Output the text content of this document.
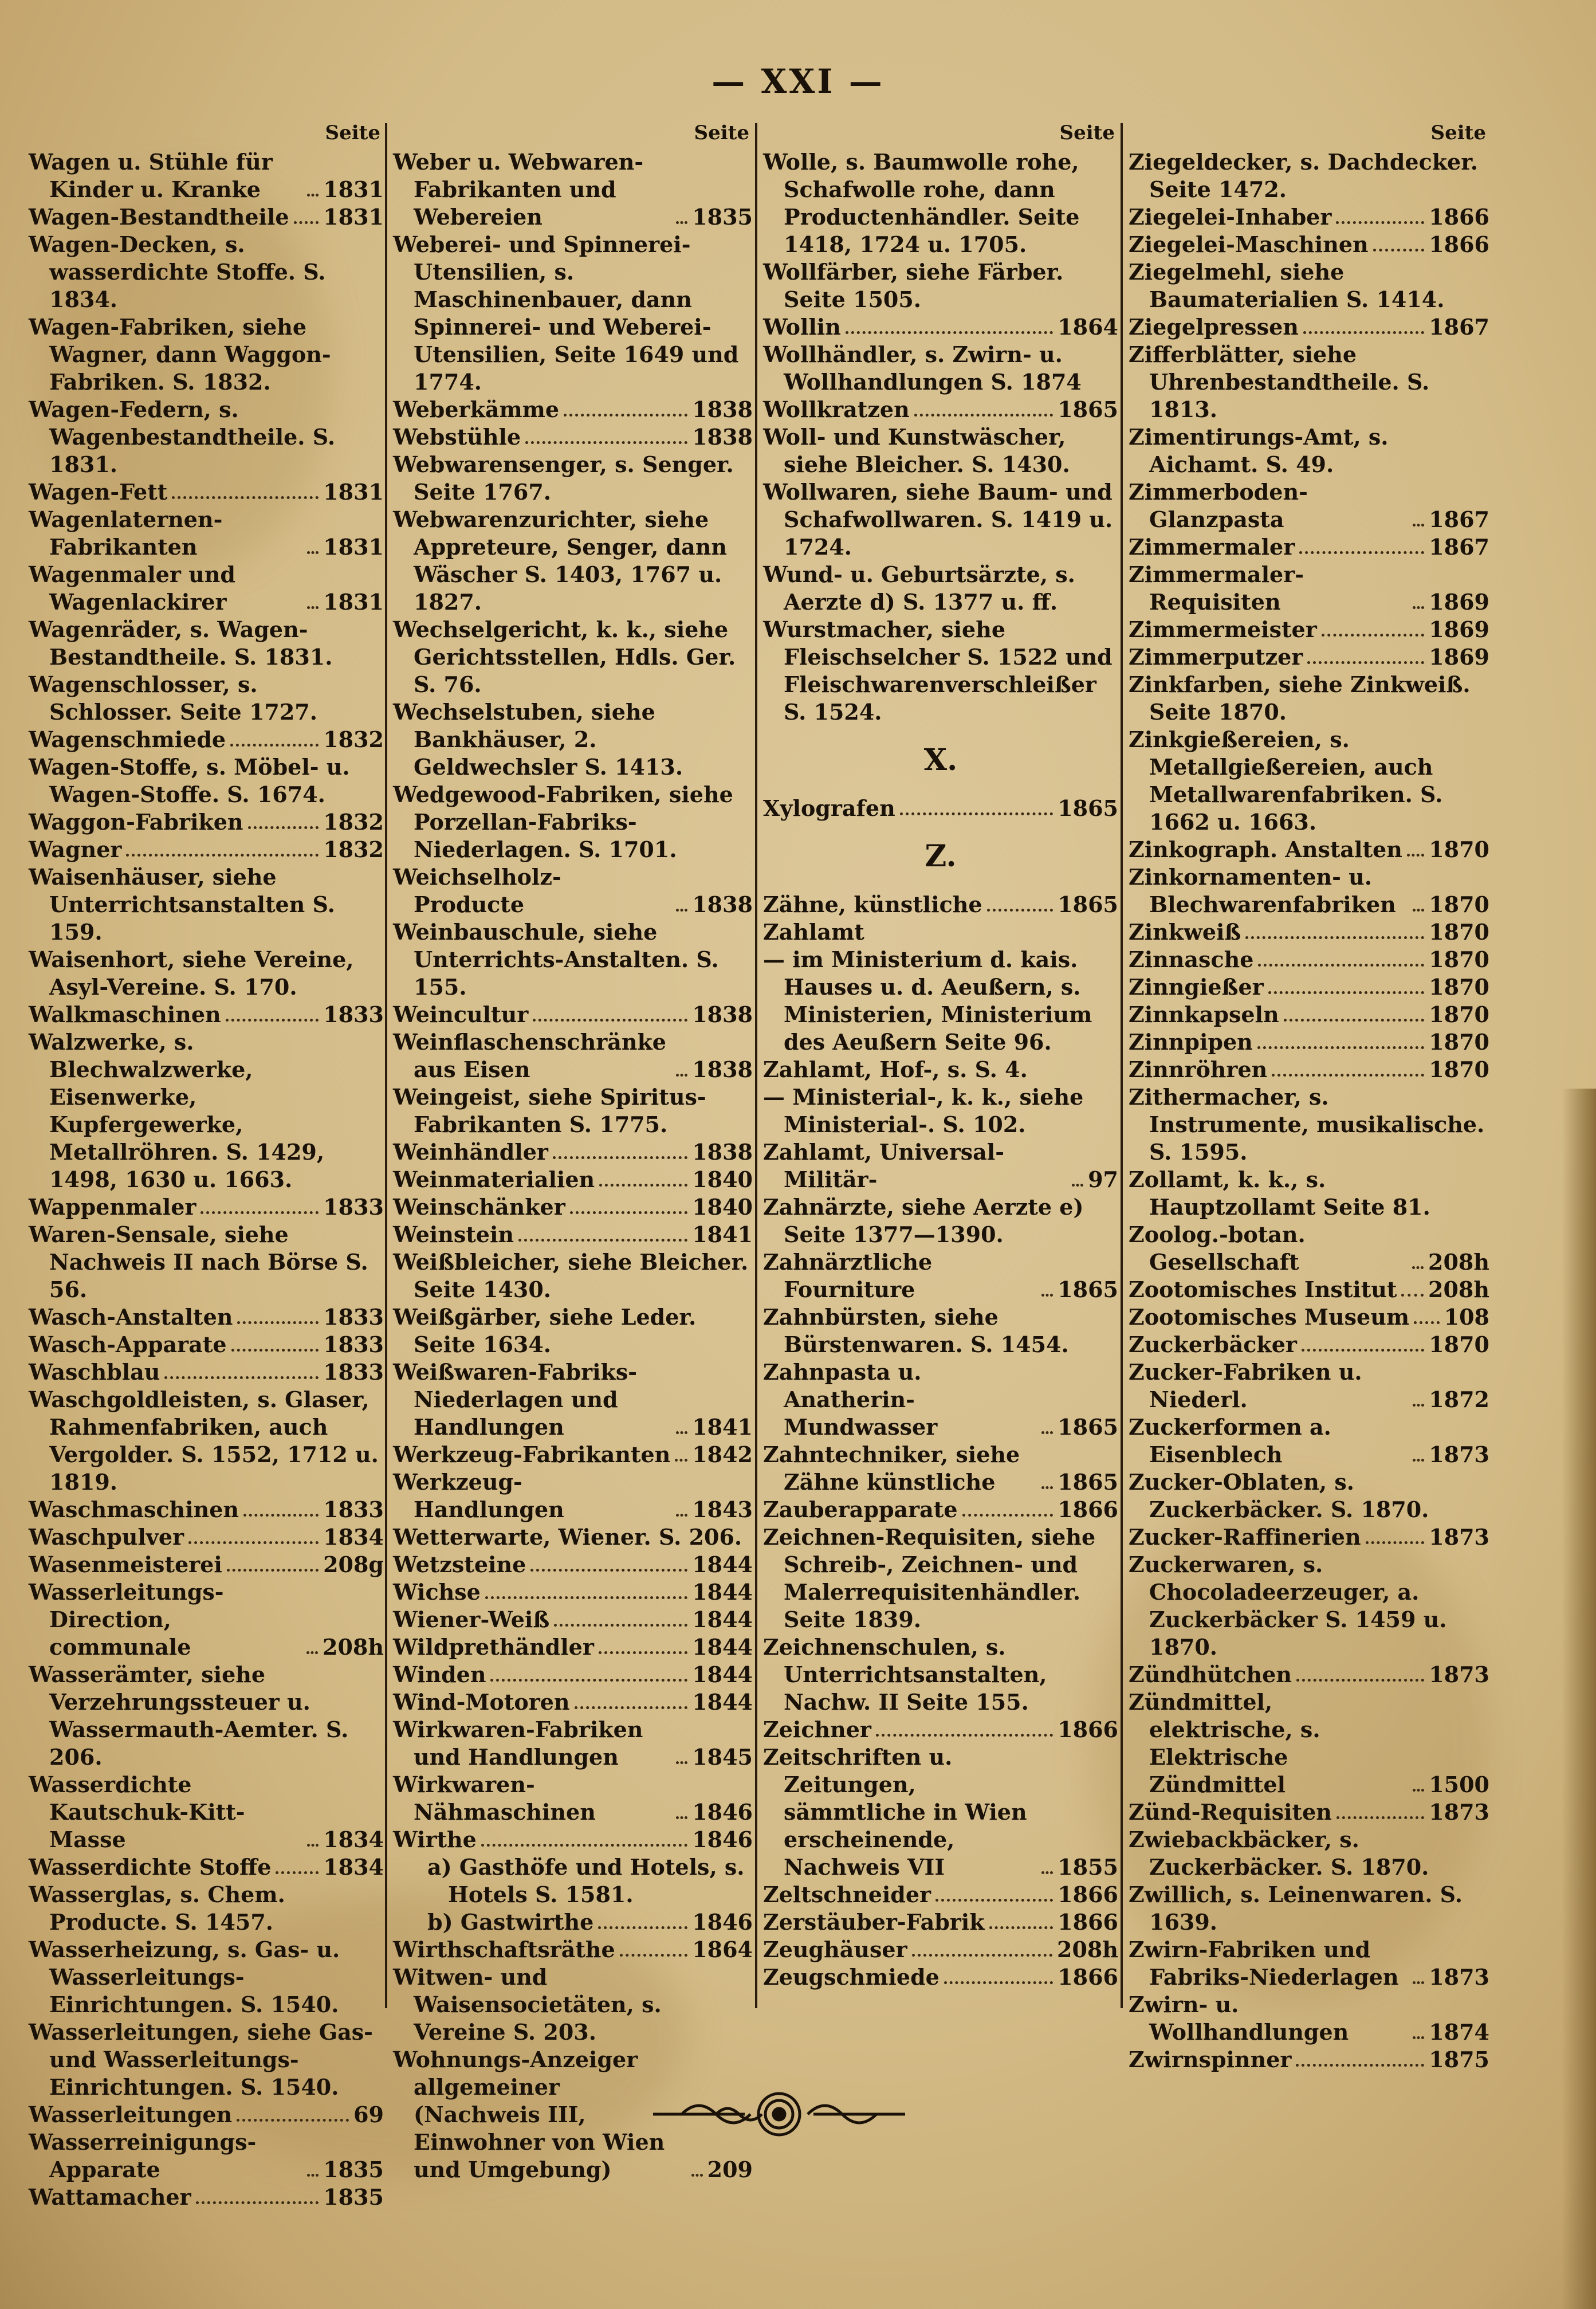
— XXI —
Seite
Wagen u. Stühle für Kinder u. Kranke	1831
Wagen-Bestandtheile 1831
Wagen-Decken, s. wasserdichte Stoffe. S. 1834.
Wagen-Fabriken, siehe Wagner, dann Waggon-Fabriken. S. 1832.
Wagen-Federn, s. Wagenbestandtheile. S. 1831.
Wagen-Fett	1831
Wagenlaternen-Fabrikanten	1831
Wagenmaler und Wagenlackirer	1831
Wagenräder, s. Wagen-Bestandtheile. S. 1831.
Wagenschlosser, s. Schlosser. Seite 1727.
Wagenschmiede	1832
Wagen-Stoffe, s. Möbel- u. Wagen-Stoffe. S. 1674.
Waggon-Fabriken	1832
Wagner	1832
Waisenhäuser, siehe Unterrichtsanstalten S. 159.
Waisenhort, siehe Vereine, Asyl-Vereine. S. 170.
Walkmaschinen	1833
Walzwerke, s. Blechwalzwerke, Eisenwerke, Kupfergewerke, Metallröhren. S. 1429, 1498, 1630 u. 1663.
Wappenmaler	1833
Waren-Sensale, siehe Nachweis II nach Börse S. 56.
Wasch-Anstalten	1833
Wasch-Apparate	1833
Waschblau	1833
Waschgoldleisten, s. Glaser, Rahmenfabriken, auch Vergolder. S. 1552, 1712 u. 1819.
Waschmaschinen	1833
Waschpulver	1834
Wasenmeisterei	208g
Wasserleitungs-Direction, communale	208h
Wasserämter, siehe Verzehrungssteuer u. Wassermauth-Aemter. S. 206.
Wasserdichte Kautschuk-Kitt-Masse	1834
Wasserdichte Stoffe 1834
Wasserglas, s. Chem. Producte. S. 1457.
Wasserheizung, s. Gas- u. Wasserleitungs-Einrichtungen. S. 1540.
Wasserleitungen, siehe Gas- und Wasserleitungs-Einrichtungen. S. 1540.
Wasserleitungen	69
Wasserreinigungs-Apparate	1835
Wattamacher	1835
Seite
Weber u. Webwaren-Fabrikanten und Webereien	1835
Weberei- und Spinnerei-Utensilien, s. Maschinenbauer, dann Spinnerei- und Weberei-Utensilien, Seite 1649 und 1774.
Weberkämme	1838
Webstühle	1838
Webwarensenger, s. Senger. Seite 1767.
Webwarenzurichter, siehe Appreteure, Senger, dann Wäscher S. 1403, 1767 u. 1827.
Wechselgericht, k. k., siehe Gerichtsstellen, Hdls. Ger. S. 76.
Wechselstuben, siehe Bankhäuser, 2. Geldwechsler S. 1413.
Wedgewood-Fabriken, siehe Porzellan-Fabriks-Niederlagen. S. 1701.
Weichselholz-Producte	1838
Weinbauschule, siehe Unterrichts-Anstalten. S. 155.
Weincultur	1838
Weinflaschenschränke aus Eisen	1838
Weingeist, siehe Spiritus-Fabrikanten S. 1775.
Weinhändler	1838
Weinmaterialien	1840
Weinschänker	1840
Weinstein	1841
Weißbleicher, siehe Bleicher. Seite 1430.
Weißgärber, siehe Leder. Seite 1634.
Weißwaren-Fabriks-Niederlagen und Handlungen	1841
Werkzeug-Fabrikanten 1842
Werkzeug-Handlungen	1843
Wetterwarte, Wiener. S. 206.
Wetzsteine	1844
Wichse	1844
Wiener-Weiß	1844
Wildprethändler	1844
Winden	1844
Wind-Motoren	1844
Wirkwaren-Fabriken und Handlungen	1845
Wirkwaren-Nähmaschinen	1846
Wirthe	1846
a) Gasthöfe und Hotels, s. Hotels S. 1581.
b) Gastwirthe	1846
Wirthschaftsräthe	1864
Witwen- und Waisensocietäten, s. Vereine S. 203.
Wohnungs-Anzeiger allgemeiner (Nachweis III, Einwohner von Wien und Umgebung)	209
Seite
Wolle, s. Baumwolle rohe, Schafwolle rohe, dann Productenhändler. Seite 1418, 1724 u. 1705.
Wollfärber, siehe Färber. Seite 1505.
Wollin	1864
Wollhändler, s. Zwirn- u. Wollhandlungen S. 1874
Wollkratzen	1865
Woll- und Kunstwäscher, siehe Bleicher. S. 1430.
Wollwaren, siehe Baum- und Schafwollwaren. S. 1419 u. 1724.
Wund- u. Geburtsärzte, s. Aerzte d) S. 1377 u. ff.
Wurstmacher, siehe Fleischselcher S. 1522 und Fleischwarenverschleißer S. 1524.
X.
Xylografen	1865
Z.
Zähne, künstliche	1865
Zahlamt
— im Ministerium d. kais. Hauses u. d. Aeußern, s. Ministerien, Ministerium des Aeußern Seite 96.
Zahlamt, Hof-, s. S. 4.
— Ministerial-, k. k., siehe Ministerial-. S. 102.
Zahlamt, Universal-Militär-	97
Zahnärzte, siehe Aerzte e) Seite 1377—1390.
Zahnärztliche Fourniture	1865
Zahnbürsten, siehe Bürstenwaren. S. 1454.
Zahnpasta u. Anatherin-Mundwasser	1865
Zahntechniker, siehe Zähne künstliche	1865
Zauberapparate	1866
Zeichnen-Requisiten, siehe Schreib-, Zeichnen- und Malerrequisitenhändler. Seite 1839.
Zeichnenschulen, s. Unterrichtsanstalten, Nachw. II Seite 155.
Zeichner	1866
Zeitschriften u. Zeitungen, sämmtliche in Wien erscheinende, Nachweis VII	1855
Zeltschneider	1866
Zerstäuber-Fabrik	1866
Zeughäuser	208h
Zeugschmiede	1866
Seite
Ziegeldecker, s. Dachdecker. Seite 1472.
Ziegelei-Inhaber	1866
Ziegelei-Maschinen	1866
Ziegelmehl, siehe Baumaterialien S. 1414.
Ziegelpressen	1867
Zifferblätter, siehe Uhrenbestandtheile. S. 1813.
Zimentirungs-Amt, s. Aichamt. S. 49.
Zimmerboden-Glanzpasta	1867
Zimmermaler	1867
Zimmermaler-Requisiten	1869
Zimmermeister	1869
Zimmerputzer	1869
Zinkfarben, siehe Zinkweiß. Seite 1870.
Zinkgießereien, s. Metallgießereien, auch Metallwarenfabriken. S. 1662 u. 1663.
Zinkograph. Anstalten 1870
Zinkornamenten- u. Blechwarenfabriken	1870
Zinkweiß	1870
Zinnasche	1870
Zinngießer	1870
Zinnkapseln	1870
Zinnpipen	1870
Zinnröhren	1870
Zithermacher, s. Instrumente, musikalische. S. 1595.
Zollamt, k. k., s. Hauptzollamt Seite 81.
Zoolog.-botan. Gesellschaft	208h
Zootomisches Institut 208h
Zootomisches Museum 108
Zuckerbäcker	1870
Zucker-Fabriken u. Niederl.	1872
Zuckerformen a. Eisenblech	1873
Zucker-Oblaten, s. Zuckerbäcker. S. 1870.
Zucker-Raffinerien	1873
Zuckerwaren, s. Chocoladeerzeuger, a. Zuckerbäcker S. 1459 u. 1870.
Zündhütchen	1873
Zündmittel, elektrische, s. Elektrische Zündmittel	1500
Zünd-Requisiten	1873
Zwiebackbäcker, s. Zuckerbäcker. S. 1870.
Zwillich, s. Leinenwaren. S. 1639.
Zwirn-Fabriken und Fabriks-Niederlagen	1873
Zwirn- u. Wollhandlungen	1874
Zwirnspinner	1875
